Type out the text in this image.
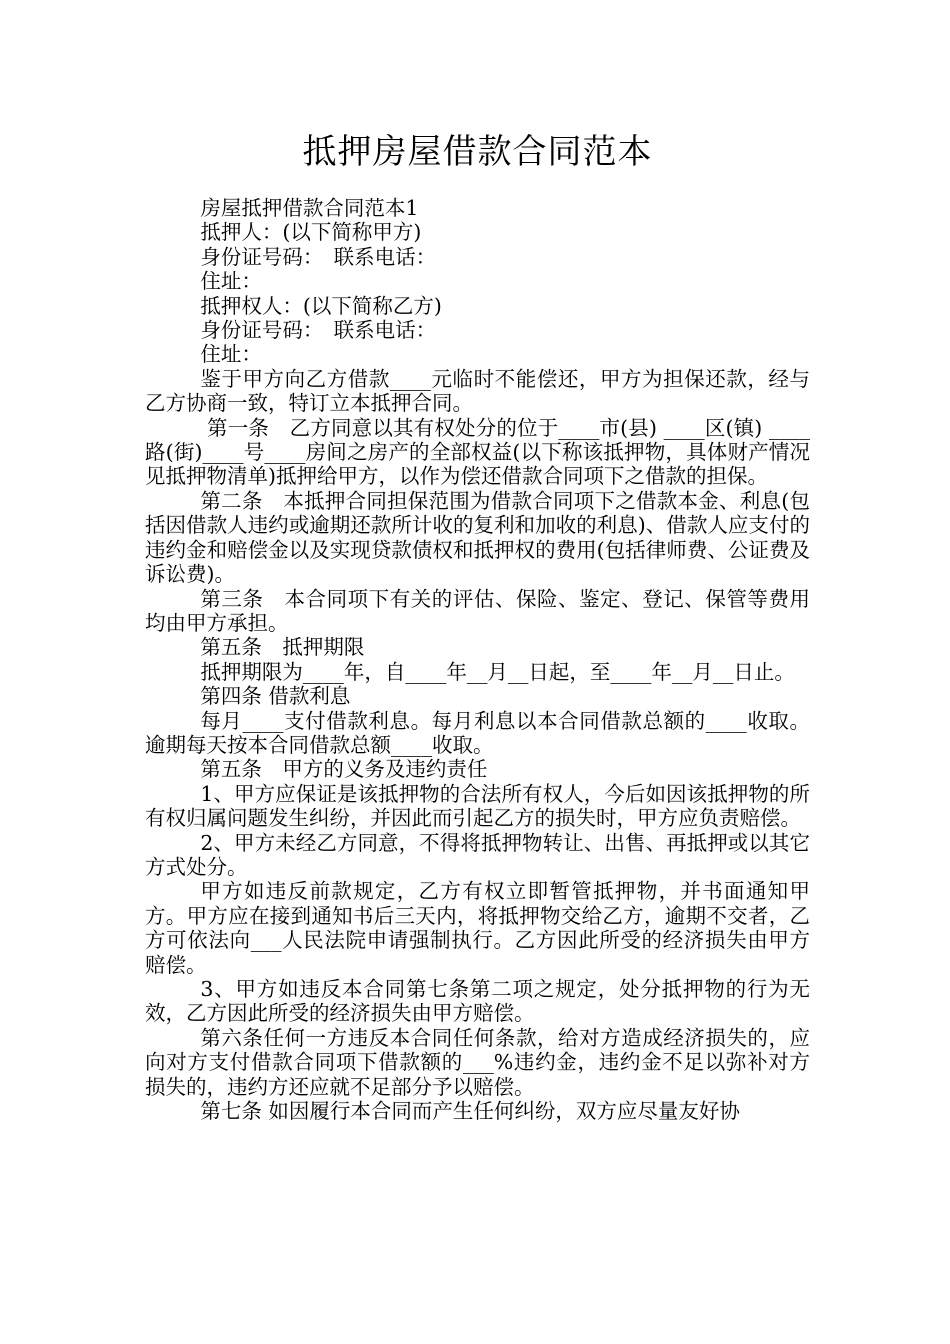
抵押房屋借款合同范本

房屋抵押借款合同范本1

抵押人：(以下简称甲方)

身份证号码：　联系电话：

住址：

抵押权人：(以下简称乙方)

身份证号码：　联系电话：

住址：

鉴于甲方向乙方借款____元临时不能偿还，甲方为担保还款，经与乙方协商一致，特订立本抵押合同。

第一条　乙方同意以其有权处分的位于____市(县) ____区(镇) ____路(街)____号____房间之房产的全部权益(以下称该抵押物，具体财产情况见抵押物清单)抵押给甲方，以作为偿还借款合同项下之借款的担保。

第二条　本抵押合同担保范围为借款合同项下之借款本金、利息(包括因借款人违约或逾期还款所计收的复利和加收的利息)、借款人应支付的违约金和赔偿金以及实现贷款债权和抵押权的费用(包括律师费、公证费及诉讼费)。

第三条　本合同项下有关的评估、保险、鉴定、登记、保管等费用均由甲方承担。

第五条　抵押期限

抵押期限为____年，自____年__月__日起，至____年__月__日止。

第四条 借款利息

每月____支付借款利息。每月利息以本合同借款总额的____收取。逾期每天按本合同借款总额____收取。

第五条　甲方的义务及违约责任

1、甲方应保证是该抵押物的合法所有权人，今后如因该抵押物的所有权归属问题发生纠纷，并因此而引起乙方的损失时，甲方应负责赔偿。

2、甲方未经乙方同意，不得将抵押物转让、出售、再抵押或以其它方式处分。

甲方如违反前款规定，乙方有权立即暂管抵押物，并书面通知甲方。甲方应在接到通知书后三天内，将抵押物交给乙方，逾期不交者，乙方可依法向___人民法院申请强制执行。乙方因此所受的经济损失由甲方赔偿。

3、甲方如违反本合同第七条第二项之规定，处分抵押物的行为无效，乙方因此所受的经济损失由甲方赔偿。

第六条任何一方违反本合同任何条款，给对方造成经济损失的，应向对方支付借款合同项下借款额的___%违约金，违约金不足以弥补对方损失的，违约方还应就不足部分予以赔偿。

第七条 如因履行本合同而产生任何纠纷，双方应尽量友好协
